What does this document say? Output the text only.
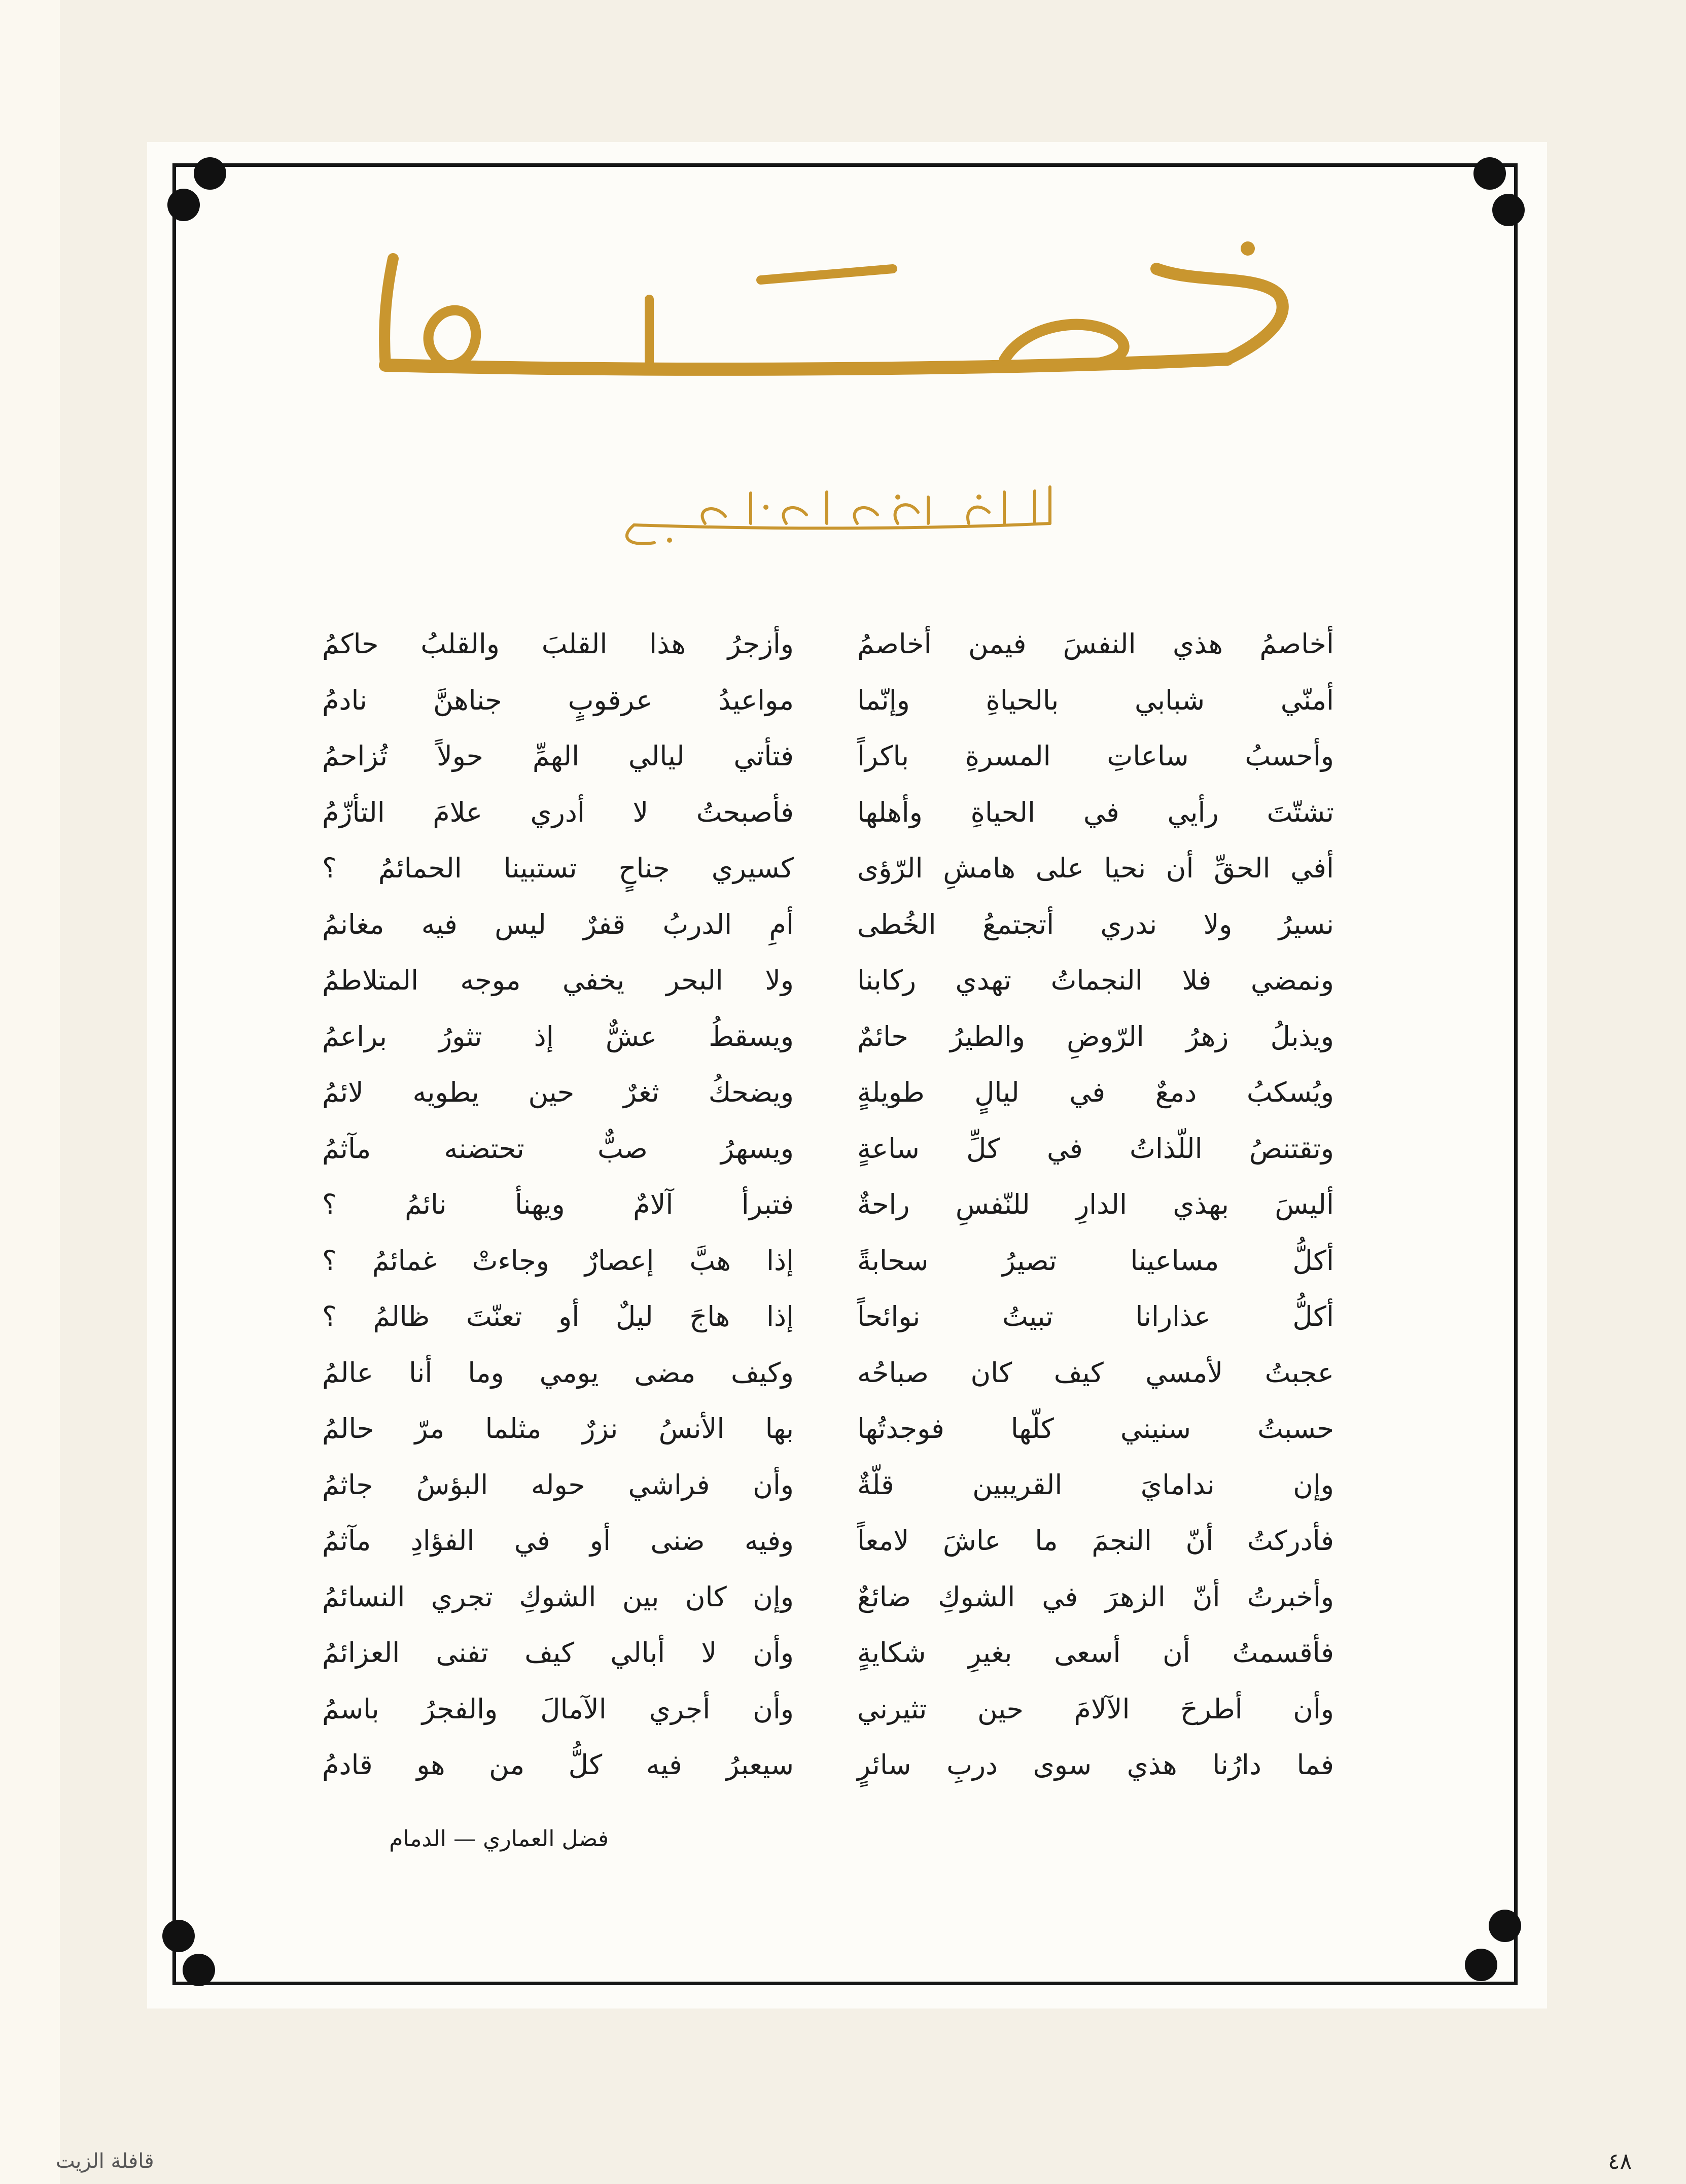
أخاصمُ هذي النفسَ فيمن أخاصمُ
أمنّي شبابي بالحياةِ وإنّما
وأحسبُ ساعاتِ المسرةِ باكراً
تشتّتَ رأيي في الحياةِ وأهلها
أفي الحقِّ أن نحيا على هامشِ الرّؤى
نسيرُ ولا ندري أتجتمعُ الخُطى
ونمضي فلا النجماتُ تهدي ركابنا
ويذبلُ زهرُ الرّوضِ والطيرُ حائمٌ
ويُسكبُ دمعٌ في ليالٍ طويلةٍ
وتقتنصُ اللّذاتُ في كلِّ ساعةٍ
أليسَ بهذي الدارِ للنّفسِ راحةٌ
أكلُّ مساعينا تصيرُ سحابةً
أكلُّ عذارانا تبيتُ نوائحاً
عجبتُ لأمسي كيف كان صباحُه
حسبتُ سنيني كلّها فوجدتُها
وإن ندامايَ القريبين قلّةٌ
فأدركتُ أنّ النجمَ ما عاشَ لامعاً
وأخبرتُ أنّ الزهرَ في الشوكِ ضائعٌ
فأقسمتُ أن أسعى بغيرِ شكايةٍ
وأن أطرحَ الآلامَ حين تثيرني
فما دارُنا هذي سوى دربِ سائرٍ
وأزجرُ هذا القلبَ والقلبُ حاكمُ
مواعيدُ عرقوبٍ جناهنَّ نادمُ
فتأتي ليالي الهمِّ حولاً تُزاحمُ
فأصبحتُ لا أدري علامَ التأزّمُ
كسيري جناحٍ تستبينا الحمائمُ ؟
أمِ الدربُ قفرٌ ليس فيه مغانمُ
ولا البحر يخفي موجه المتلاطمُ
ويسقطُ عشٌّ إذ تثورُ براعمُ
ويضحكُ ثغرٌ حين يطويه لائمُ
ويسهرُ صبٌّ تحتضنه مآثمُ
فتبرأ آلامٌ ويهنأ نائمُ ؟
إذا هبَّ إعصارٌ وجاءتْ غمائمُ ؟
إذا هاجَ ليلٌ أو تعنّتَ ظالمُ ؟
وكيف مضى يومي وما أنا عالمُ
بها الأنسُ نزرٌ مثلما مرّ حالمُ
وأن فراشي حوله البؤسُ جاثمُ
وفيه ضنى أو في الفؤادِ مآثمُ
وإن كان بين الشوكِ تجري النسائمُ
وأن لا أبالي كيف تفنى العزائمُ
وأن أجري الآمالَ والفجرُ باسمُ
سيعبرُ فيه كلُّ من هو قادمُ
فضل العماري — الدمام
قافلة الزيت	٤٨
